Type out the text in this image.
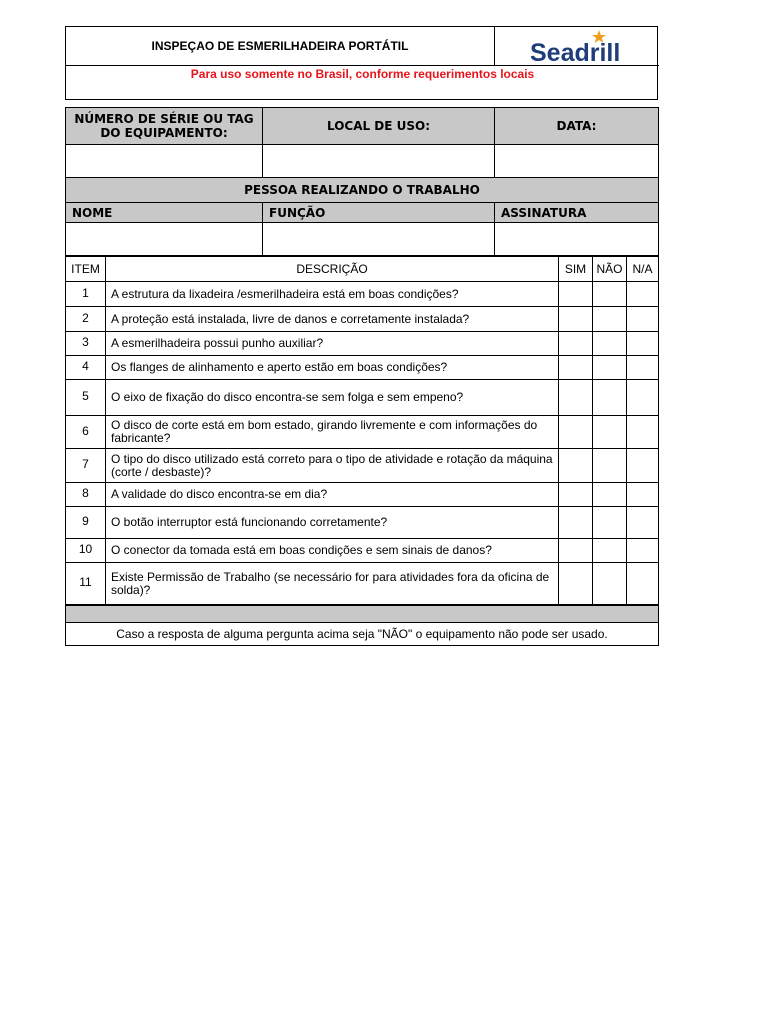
INSPEÇAO DE ESMERILHADEIRA PORTÁTIL	Seadrill
Para uso somente no Brasil, conforme requerimentos locais
NÚMERO DE SÉRIE OU TAG DO EQUIPAMENTO:	LOCAL DE USO:	DATA:
PESSOA REALIZANDO O TRABALHO
NOME	FUNÇÃO	ASSINATURA
ITEM	DESCRIÇÃO	SIM NÃO N/A
1	A estrutura da lixadeira /esmerilhadeira está em boas condições?
2	A proteção está instalada, livre de danos e corretamente instalada?
3	A esmerilhadeira possui punho auxiliar?
4	Os flanges de alinhamento e aperto estão em boas condições?
5	O eixo de fixação do disco encontra-se sem folga e sem empeno?
6	O disco de corte está em bom estado, girando livremente e com informações do fabricante?
7	O tipo do disco utilizado está correto para o tipo de atividade e rotação da máquina (corte / desbaste)?
8	A validade do disco encontra-se em dia?
9	O botão interruptor está funcionando corretamente?
10	O conector da tomada está em boas condições e sem sinais de danos?
11	Existe Permissão de Trabalho (se necessário for para atividades fora da oficina de solda)?
Caso a resposta de alguma pergunta acima seja "NÃO" o equipamento não pode ser usado.
